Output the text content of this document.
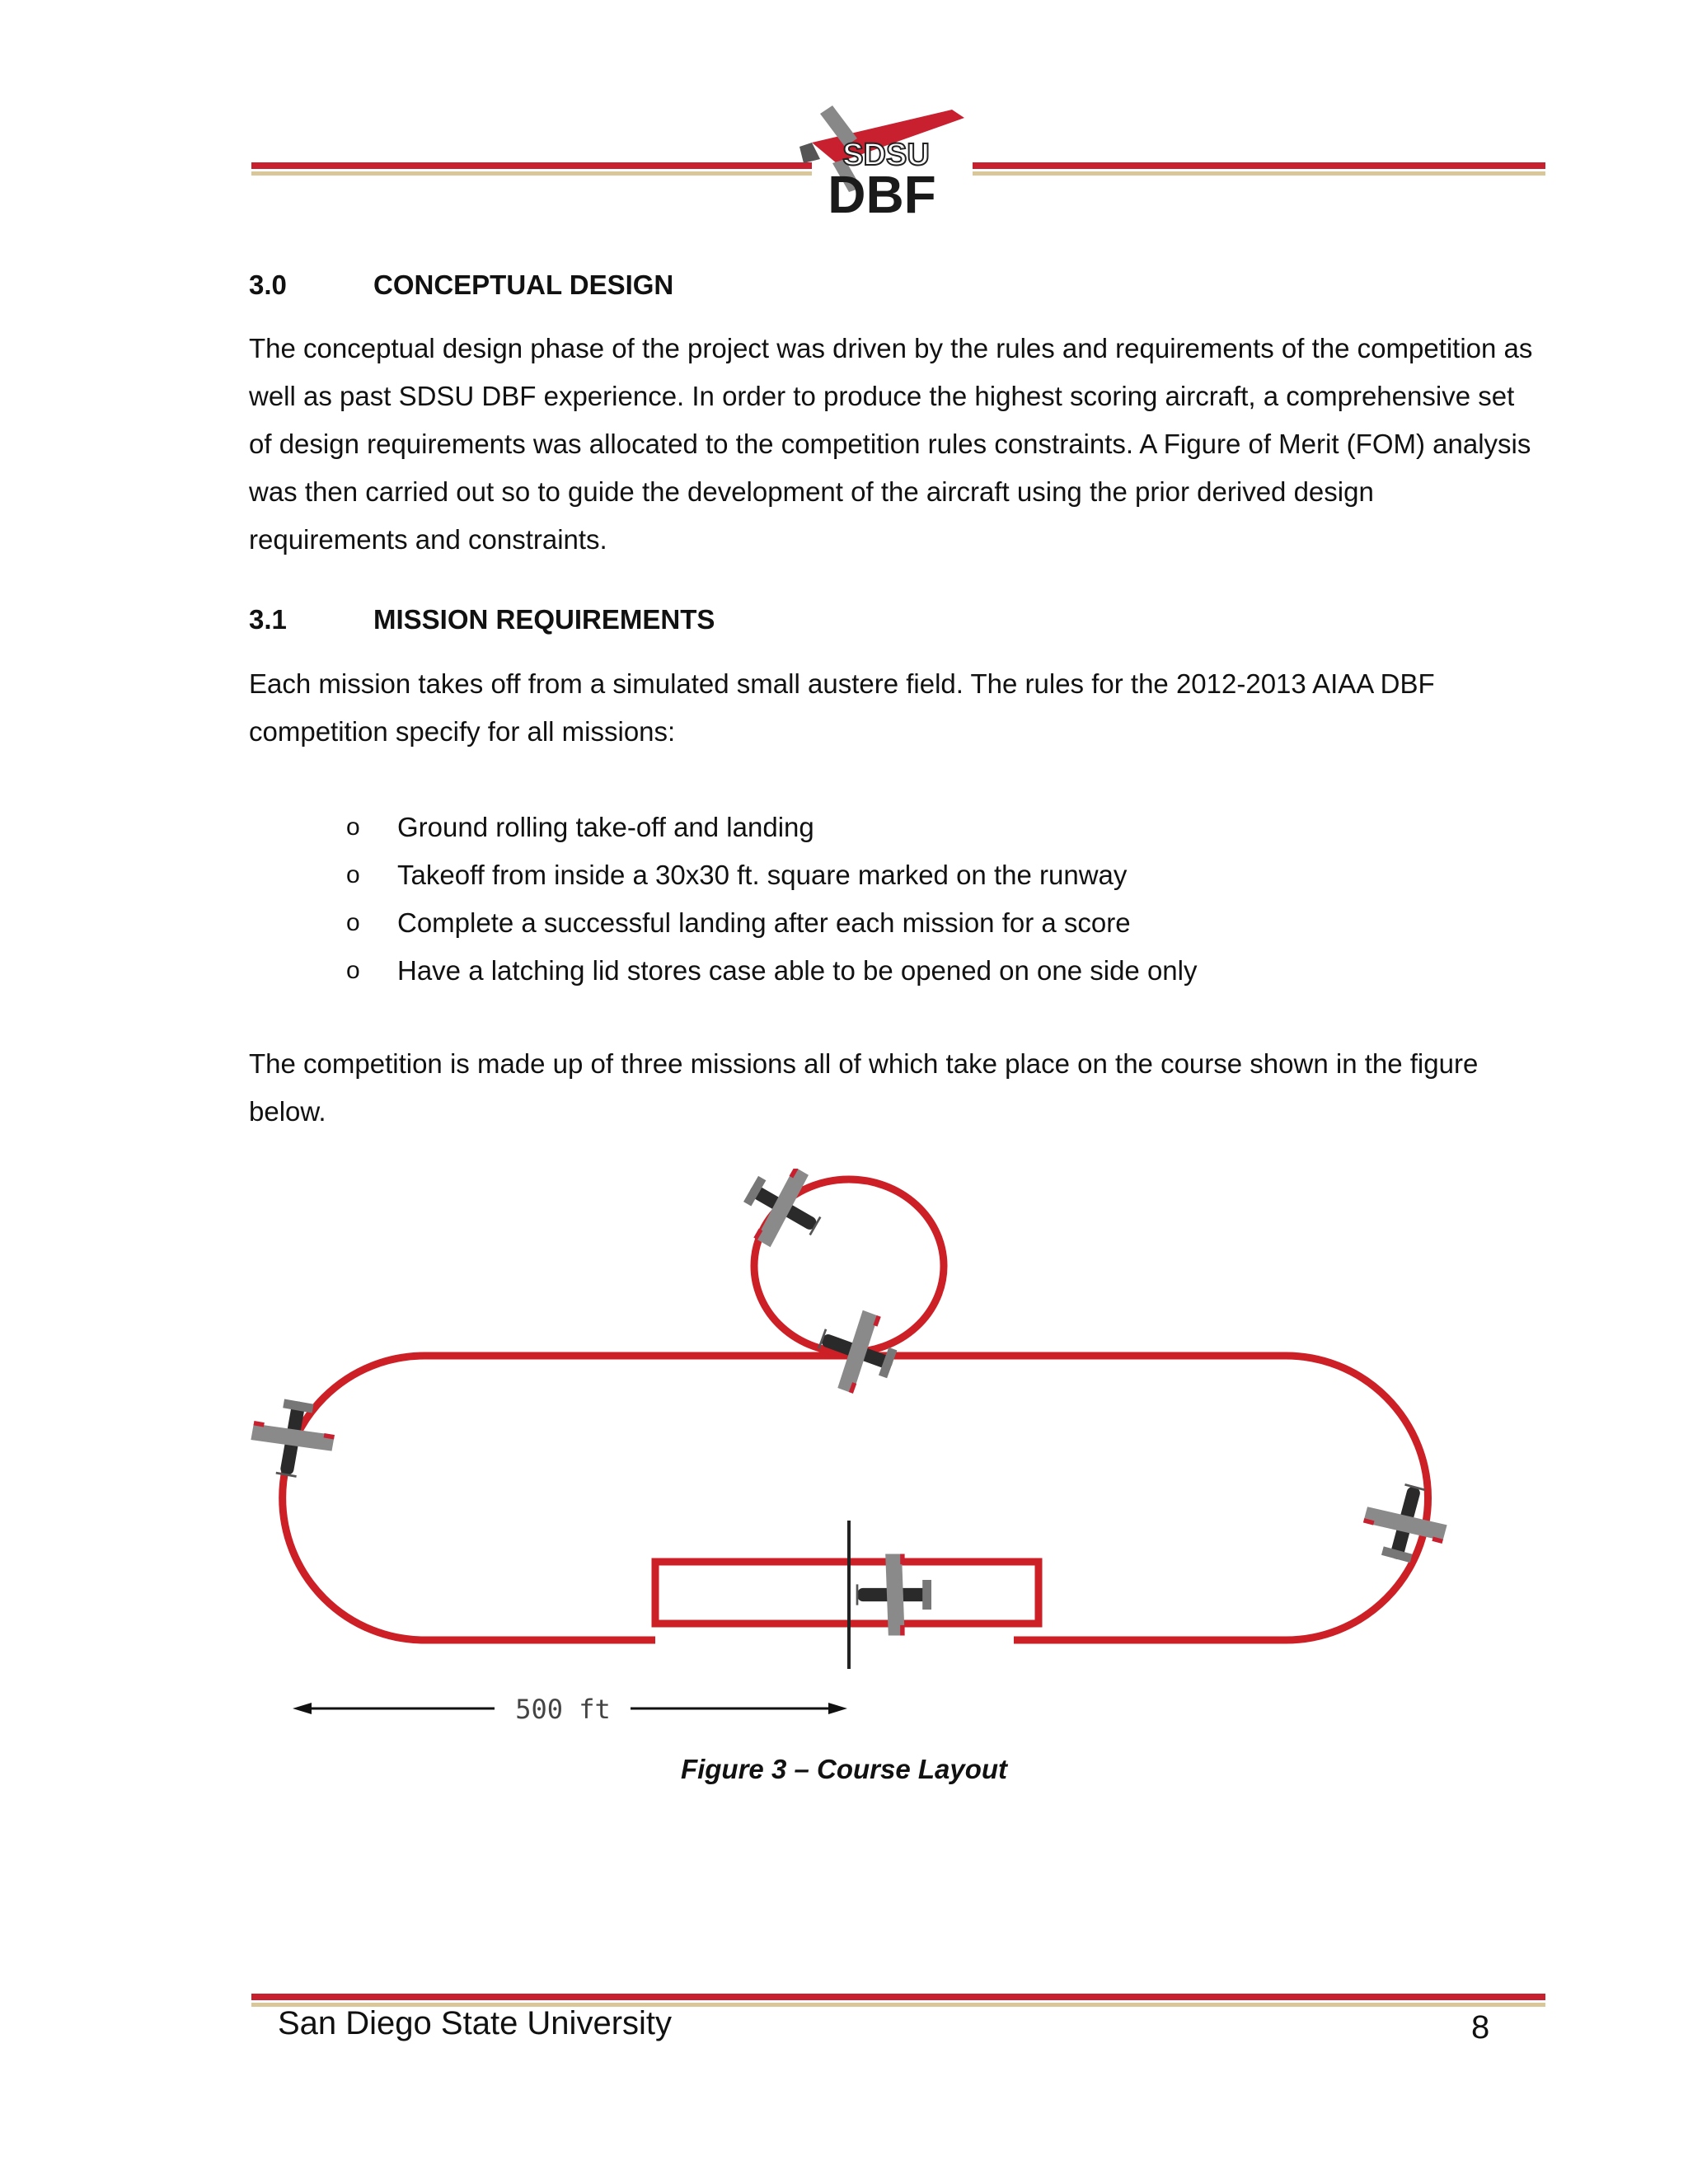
SDSU
DBF
3.0	CONCEPTUAL DESIGN

The conceptual design phase of the project was driven by the rules and requirements of the competition as well as past SDSU DBF experience. In order to produce the highest scoring aircraft, a comprehensive set of design requirements was allocated to the competition rules constraints. A Figure of Merit (FOM) analysis was then carried out so to guide the development of the aircraft using the prior derived design requirements and constraints.

3.1	MISSION REQUIREMENTS

Each mission takes off from a simulated small austere field. The rules for the 2012-2013 AIAA DBF competition specify for all missions:

o	Ground rolling take-off and landing
o	Takeoff from inside a 30x30 ft. square marked on the runway
o	Complete a successful landing after each mission for a score
o	Have a latching lid stores case able to be opened on one side only

The competition is made up of three missions all of which take place on the course shown in the figure below.

500 ft
Figure 3 – Course Layout
San Diego State University	8
